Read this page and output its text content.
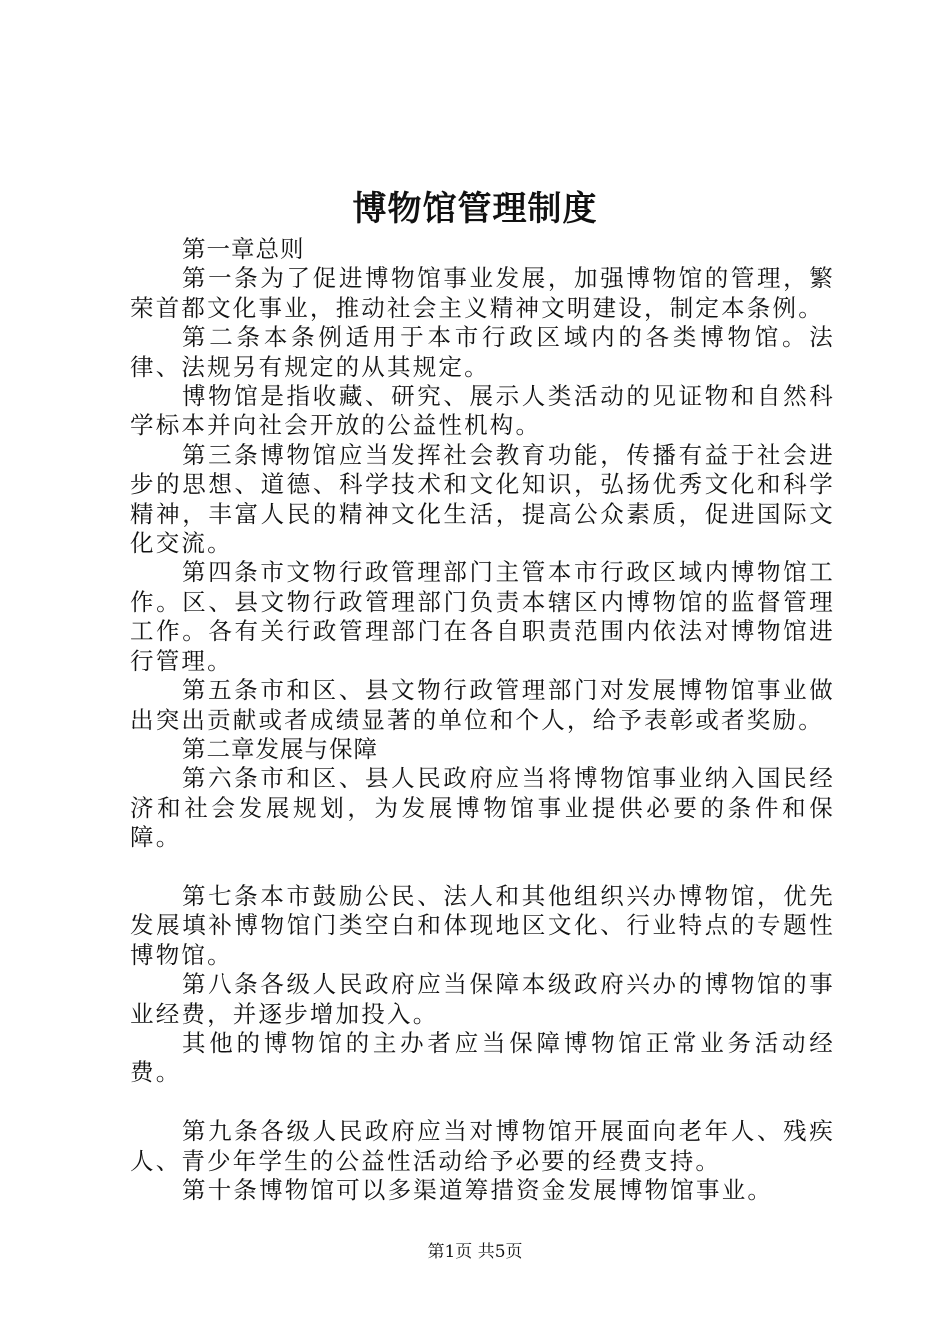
博物馆管理制度

第一章总则

第一条为了促进博物馆事业发展，加强博物馆的管理，繁荣首都文化事业，推动社会主义精神文明建设，制定本条例。

第二条本条例适用于本市行政区域内的各类博物馆。法律、法规另有规定的从其规定。

博物馆是指收藏、研究、展示人类活动的见证物和自然科学标本并向社会开放的公益性机构。

第三条博物馆应当发挥社会教育功能，传播有益于社会进步的思想、道德、科学技术和文化知识，弘扬优秀文化和科学精神，丰富人民的精神文化生活，提高公众素质，促进国际文化交流。

第四条市文物行政管理部门主管本市行政区域内博物馆工作。区、县文物行政管理部门负责本辖区内博物馆的监督管理工作。各有关行政管理部门在各自职责范围内依法对博物馆进行管理。

第五条市和区、县文物行政管理部门对发展博物馆事业做出突出贡献或者成绩显著的单位和个人，给予表彰或者奖励。

第二章发展与保障

第六条市和区、县人民政府应当将博物馆事业纳入国民经济和社会发展规划，为发展博物馆事业提供必要的条件和保障。

第七条本市鼓励公民、法人和其他组织兴办博物馆，优先发展填补博物馆门类空白和体现地区文化、行业特点的专题性博物馆。

第八条各级人民政府应当保障本级政府兴办的博物馆的事业经费，并逐步增加投入。

其他的博物馆的主办者应当保障博物馆正常业务活动经费。

第九条各级人民政府应当对博物馆开展面向老年人、残疾人、青少年学生的公益性活动给予必要的经费支持。

第十条博物馆可以多渠道筹措资金发展博物馆事业。

第1页 共5页
